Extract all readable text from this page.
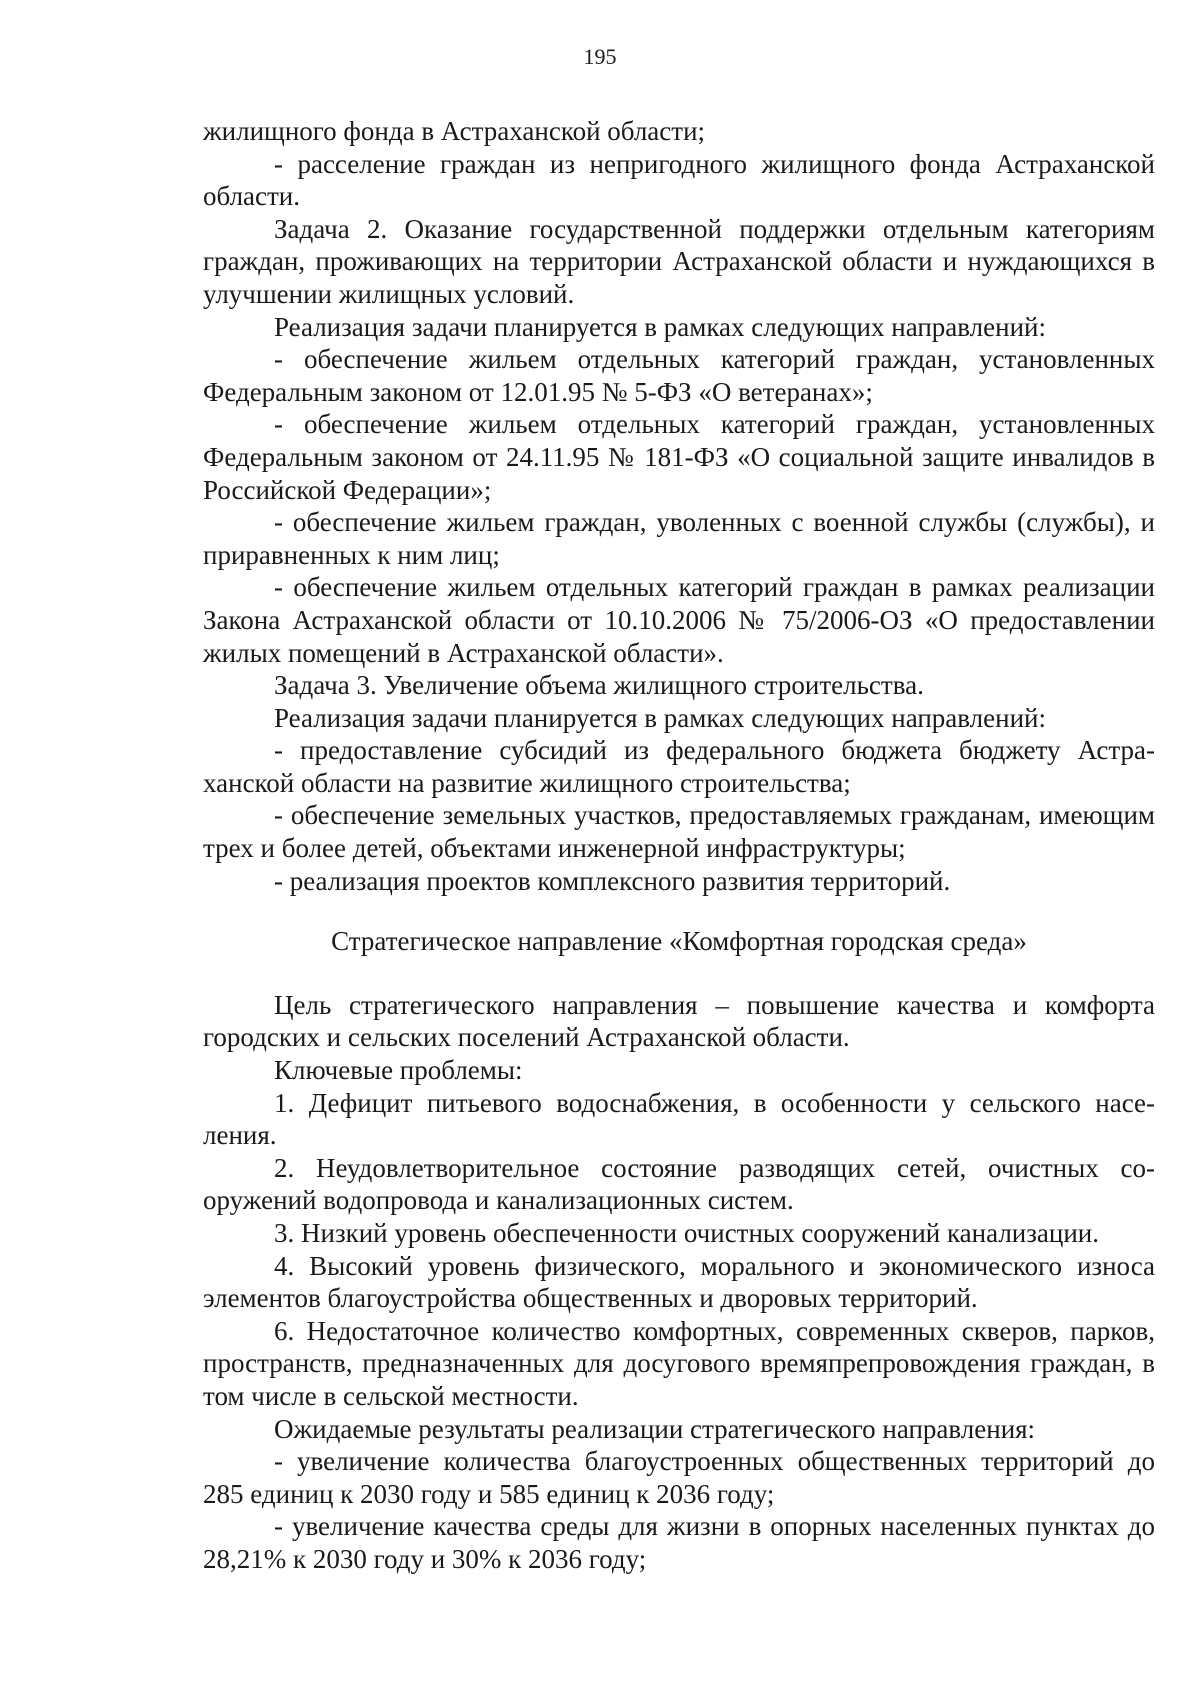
195

жилищного фонда в Астраханской области;

- расселение граждан из непригодного жилищного фонда Астраханской области.

Задача 2. Оказание государственной поддержки отдельным категориям граждан, проживающих на территории Астраханской области и нуждающихся в улучшении жилищных условий.

Реализация задачи планируется в рамках следующих направлений:

- обеспечение жильем отдельных категорий граждан, установленных Федеральным законом от 12.01.95 № 5-ФЗ «О ветеранах»;

- обеспечение жильем отдельных категорий граждан, установленных Федеральным законом от 24.11.95 № 181-ФЗ «О социальной защите инвалидов в Российской Федерации»;

- обеспечение жильем граждан, уволенных с военной службы (службы), и приравненных к ним лиц;

- обеспечение жильем отдельных категорий граждан в рамках реализации Закона Астраханской области от 10.10.2006 № 75/2006-ОЗ «О предоставлении жилых помещений в Астраханской области».

Задача 3. Увеличение объема жилищного строительства.

Реализация задачи планируется в рамках следующих направлений:

- предоставление субсидий из федерального бюджета бюджету Астраханской области на развитие жилищного строительства;

- обеспечение земельных участков, предоставляемых гражданам, имеющим трех и более детей, объектами инженерной инфраструктуры;

- реализация проектов комплексного развития территорий.

Стратегическое направление «Комфортная городская среда»

Цель стратегического направления – повышение качества и комфорта городских и сельских поселений Астраханской области.

Ключевые проблемы:

1. Дефицит питьевого водоснабжения, в особенности у сельского населения.

2. Неудовлетворительное состояние разводящих сетей, очистных сооружений водопровода и канализационных систем.

3. Низкий уровень обеспеченности очистных сооружений канализации.

4. Высокий уровень физического, морального и экономического износа элементов благоустройства общественных и дворовых территорий.

6. Недостаточное количество комфортных, современных скверов, парков, пространств, предназначенных для досугового времяпрепровождения граждан, в том числе в сельской местности.

Ожидаемые результаты реализации стратегического направления:

- увеличение количества благоустроенных общественных территорий до 285 единиц к 2030 году и 585 единиц к 2036 году;

- увеличение качества среды для жизни в опорных населенных пунктах до 28,21% к 2030 году и 30% к 2036 году;
